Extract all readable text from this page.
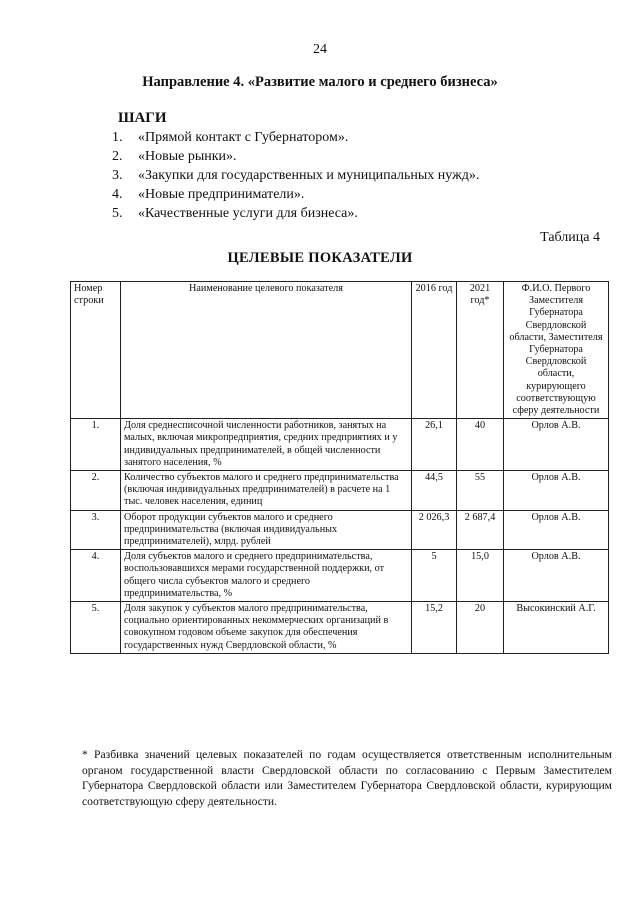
24
Направление 4. «Развитие малого и среднего бизнеса»
ШАГИ
1.	«Прямой контакт с Губернатором».
2.	«Новые рынки».
3.	«Закупки для государственных и муниципальных нужд».
4.	«Новые предприниматели».
5.	«Качественные услуги для бизнеса».
Таблица 4
ЦЕЛЕВЫЕ ПОКАЗАТЕЛИ
Номер строки	Наименование целевого показателя	2016 год	2021 год*	Ф.И.О. Первого Заместителя Губернатора Свердловской области, Заместителя Губернатора Свердловской области, курирующего соответствующую сферу деятельности
1.	Доля среднесписочной численности работников, занятых на малых, включая микропредприятия, средних предприятиях и у индивидуальных предпринимателей, в общей численности занятого населения, %	26,1	40	Орлов А.В.
2.	Количество субъектов малого и среднего предпринимательства (включая индивидуальных предпринимателей) в расчете на 1 тыс. человек населения, единиц	44,5	55	Орлов А.В.
3.	Оборот продукции субъектов малого и среднего предпринимательства (включая индивидуальных предпринимателей), млрд. рублей	2 026,3	2 687,4	Орлов А.В.
4.	Доля субъектов малого и среднего предпринимательства, воспользовавшихся мерами государственной поддержки, от общего числа субъектов малого и среднего предпринимательства, %	5	15,0	Орлов А.В.
5.	Доля закупок у субъектов малого предпринимательства, социально ориентированных некоммерческих организаций в совокупном годовом объеме закупок для обеспечения государственных нужд Свердловской области, %	15,2	20	Высокинский А.Г.
* Разбивка значений целевых показателей по годам осуществляется ответственным исполнительным органом государственной власти Свердловской области по согласованию с Первым Заместителем Губернатора Свердловской области или Заместителем Губернатора Свердловской области, курирующим соответствующую сферу деятельности.
